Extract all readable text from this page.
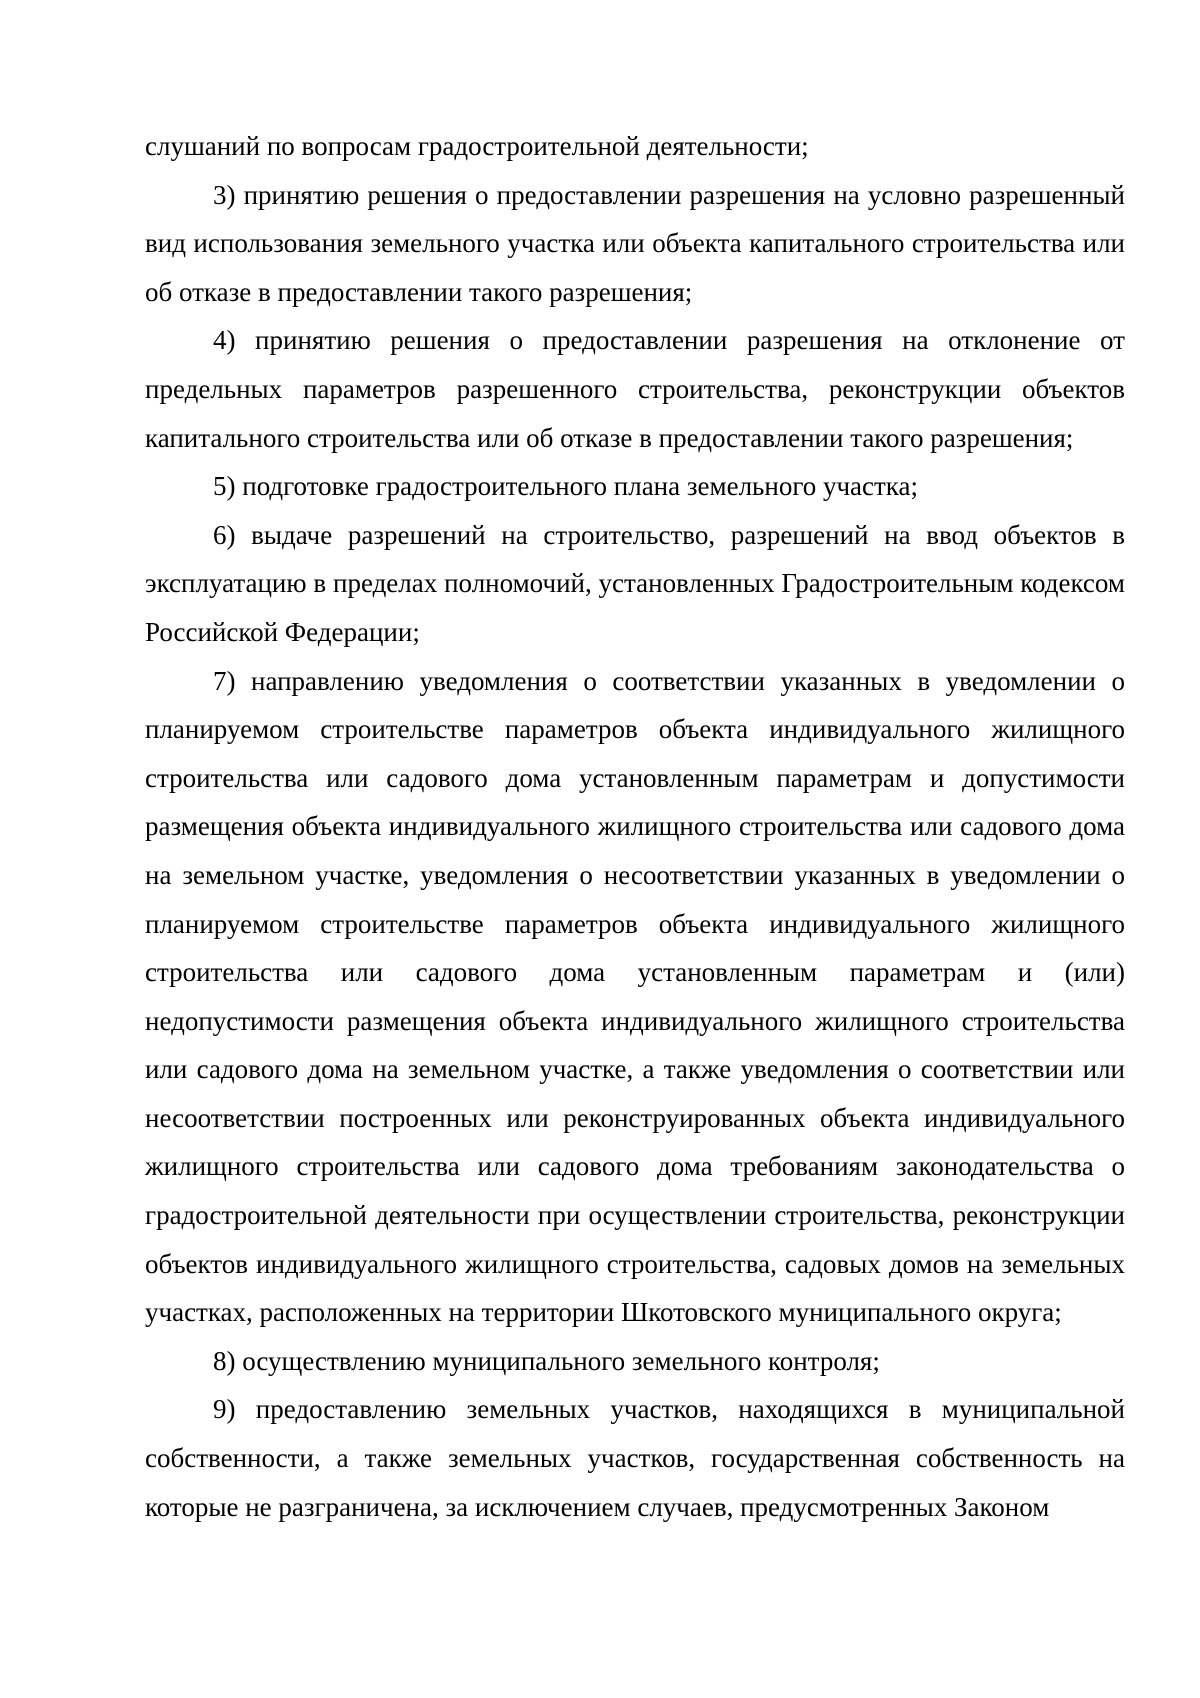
слушаний по вопросам градостроительной деятельности;

3) принятию решения о предоставлении разрешения на условно разрешенный вид использования земельного участка или объекта капитального строительства или об отказе в предоставлении такого разрешения;

4) принятию решения о предоставлении разрешения на отклонение от предельных параметров разрешенного строительства, реконструкции объектов капитального строительства или об отказе в предоставлении такого разрешения;

5) подготовке градостроительного плана земельного участка;

6) выдаче разрешений на строительство, разрешений на ввод объектов в эксплуатацию в пределах полномочий, установленных Градостроительным кодексом Российской Федерации;

7) направлению уведомления о соответствии указанных в уведомлении о планируемом строительстве параметров объекта индивидуального жилищного строительства или садового дома установленным параметрам и допустимости размещения объекта индивидуального жилищного строительства или садового дома на земельном участке, уведомления о несоответствии указанных в уведомлении о планируемом строительстве параметров объекта индивидуального жилищного строительства или садового дома установленным параметрам и (или) недопустимости размещения объекта индивидуального жилищного строительства или садового дома на земельном участке, а также уведомления о соответствии или несоответствии построенных или реконструированных объекта индивидуального жилищного строительства или садового дома требованиям законодательства о градостроительной деятельности при осуществлении строительства, реконструкции объектов индивидуального жилищного строительства, садовых домов на земельных участках, расположенных на территории Шкотовского муниципального округа;

8) осуществлению муниципального земельного контроля;

9) предоставлению земельных участков, находящихся в муниципальной собственности, а также земельных участков, государственная собственность на которые не разграничена, за исключением случаев, предусмотренных Законом
